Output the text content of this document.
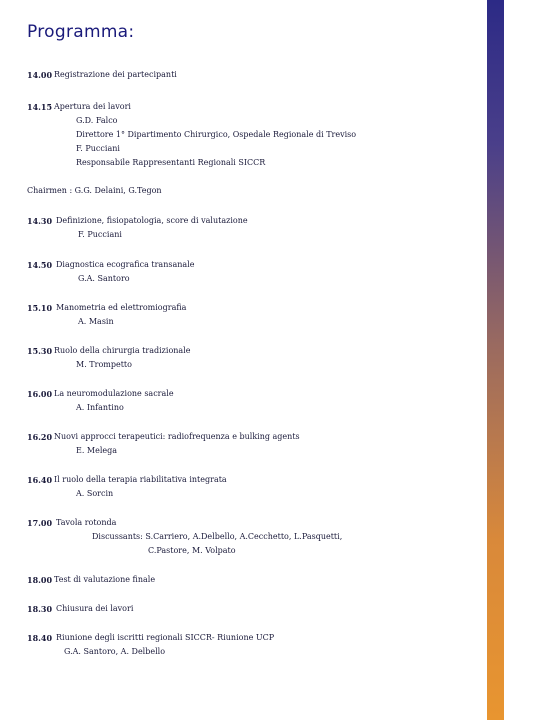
Programma:
14.00 Registrazione dei partecipanti
14.15 Apertura dei lavori
G.D. Falco
Direttore 1° Dipartimento Chirurgico, Ospedale Regionale di Treviso
F. Pucciani
Responsabile Rappresentanti Regionali SICCR
Chairmen : G.G. Delaini, G.Tegon
14.30 Definizione, fisiopatologia, score di valutazione
F. Pucciani
14.50 Diagnostica ecografica transanale
G.A. Santoro
15.10 Manometria ed elettromiografia
A. Masin
15.30 Ruolo della chirurgia tradizionale
M. Trompetto
16.00 La neuromodulazione sacrale
A. Infantino
16.20 Nuovi approcci terapeutici: radiofrequenza e bulking agents
E. Melega
16.40 Il ruolo della terapia riabilitativa integrata
A. Sorcin
17.00 Tavola rotonda
Discussants: S.Carriero, A.Delbello, A.Cecchetto, L.Pasquetti,
C.Pastore, M. Volpato
18.00 Test di valutazione finale
18.30 Chiusura dei lavori
18.40 Riunione degli iscritti regionali SICCR- Riunione UCP
G.A. Santoro, A. Delbello
